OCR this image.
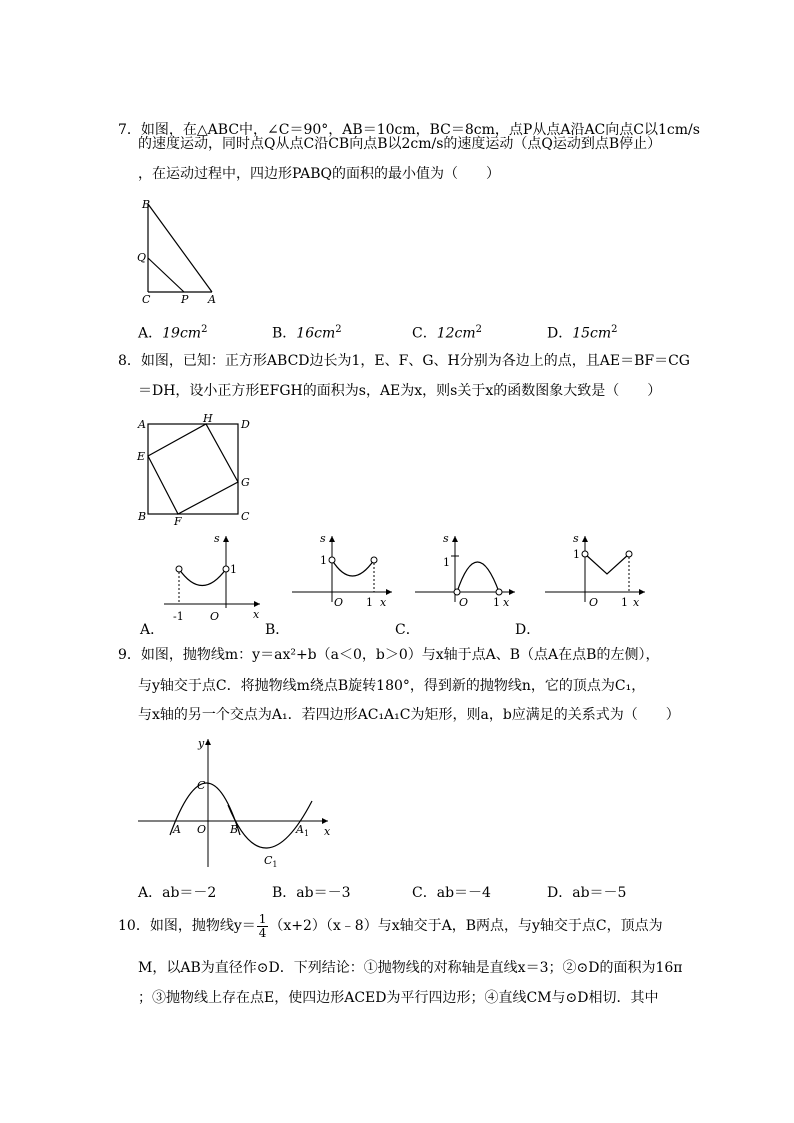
7．如图，在△ABC中，∠C＝90°，AB＝10cm，BC＝8cm，点P从点A沿AC向点C以1cm/s
的速度运动，同时点Q从点C沿CB向点B以2cm/s的速度运动（点Q运动到点B停止）
，在运动过程中，四边形PABQ的面积的最小值为（　　）
B
Q
C	P A
A．$19cm^2$	B．$16cm^2$	C．$12cm^2$	D．$15cm^2$
8．如图，已知：正方形ABCD边长为1，E、F、G、H分别为各边上的点，且AE＝BF＝CG
＝DH，设小正方形EFGH的面积为s，AE为x，则s关于x的函数图象大致是（　　）
A	H	D
E
G
B	F	C
s
1
-1 O	x
A．
s
1
O 1 x
B．
s
1
O 1 x
C．
s
1
O 1 x
D．
9．如图，抛物线m：y＝ax²+b（a＜0，b＞0）与x轴于点A、B（点A在点B的左侧），
与y轴交于点C．将抛物线m绕点B旋转180°，得到新的抛物线n，它的顶点为C₁，
与x轴的另一个交点为A₁．若四边形AC₁A₁C为矩形，则a，b应满足的关系式为（　　）
y
x
C
A O B	$A_1$
$C_1$
A．ab＝－2	B．ab＝－3	C．ab＝－4	D．ab＝－5
10．如图，抛物线$y= \frac{1}{4}$ （x+2）（x﹣8）与x轴交于A，B两点，与y轴交于点C，顶点为
M，以AB为直径作⊙D．下列结论：①抛物线的对称轴是直线x＝3；②⊙D的面积为16π
；③抛物线上存在点E，使四边形ACED为平行四边形；④直线CM与⊙D相切．其中
